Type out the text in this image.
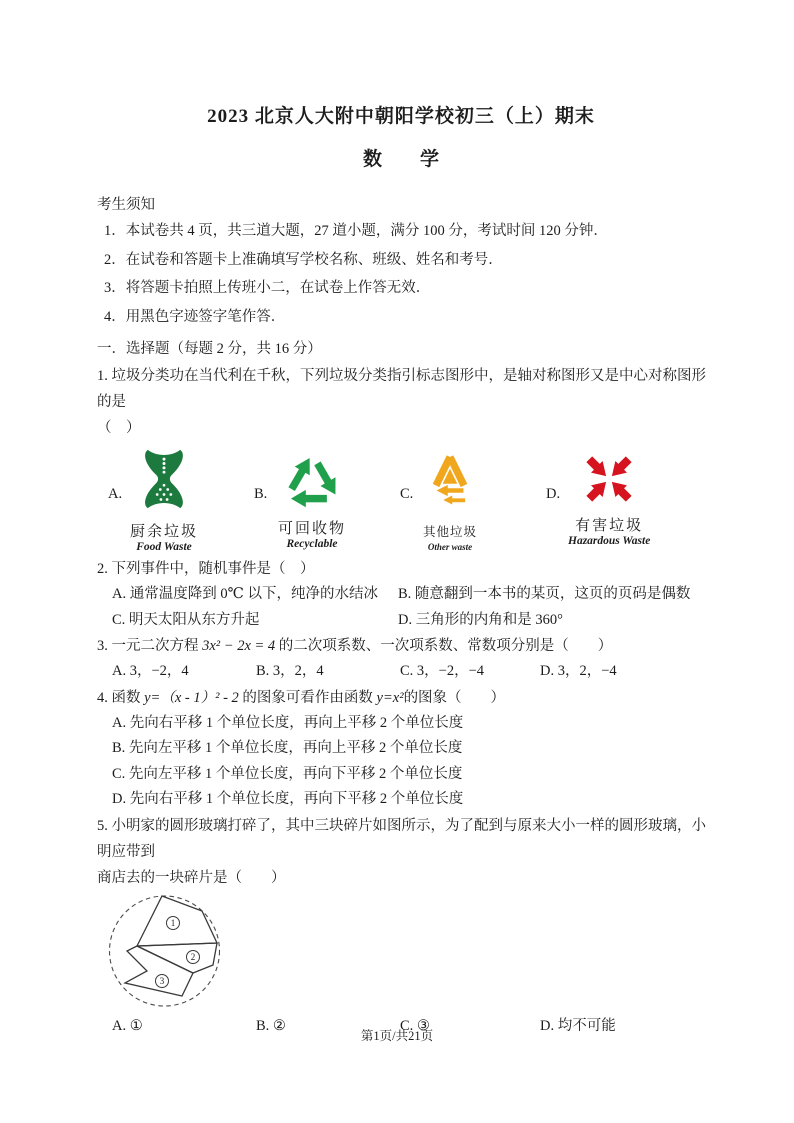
2023 北京人大附中朝阳学校初三（上）期末
数　　学
考生须知
1．本试卷共 4 页，共三道大题，27 道小题，满分 100 分，考试时间 120 分钟．
2．在试卷和答题卡上准确填写学校名称、班级、姓名和考号．
3．将答题卡拍照上传班小二，在试卷上作答无效．
4．用黑色字迹签字笔作答．
一．选择题（每题 2 分，共 16 分）
1. 垃圾分类功在当代利在千秋，下列垃圾分类指引标志图形中，是轴对称图形又是中心对称图形的是
（　）
A.
厨余垃圾
Food Waste
B.
可回收物
Recyclable
C.
其他垃圾
Other waste
D.
有害垃圾
Hazardous Waste
2. 下列事件中，随机事件是（　）
A. 通常温度降到 0℃ 以下，纯净的水结冰	B. 随意翻到一本书的某页，这页的页码是偶数
C. 明天太阳从东方升起	D. 三角形的内角和是 360°
3. 一元二次方程 3x² − 2x = 4 的二次项系数、一次项系数、常数项分别是（　　）
A. 3，−2，4	B. 3，2，4	C. 3，−2，−4	D. 3，2，−4
4. 函数 y=（x - 1）² - 2 的图象可看作由函数 y=x²的图象（　　）
A. 先向右平移 1 个单位长度，再向上平移 2 个单位长度
B. 先向左平移 1 个单位长度，再向上平移 2 个单位长度
C. 先向左平移 1 个单位长度，再向下平移 2 个单位长度
D. 先向右平移 1 个单位长度，再向下平移 2 个单位长度
5. 小明家的圆形玻璃打碎了，其中三块碎片如图所示，为了配到与原来大小一样的圆形玻璃，小明应带到
商店去的一块碎片是（　　）
1
2
3
A. ①	B. ②	C. ③	D. 均不可能
第1页/共21页
